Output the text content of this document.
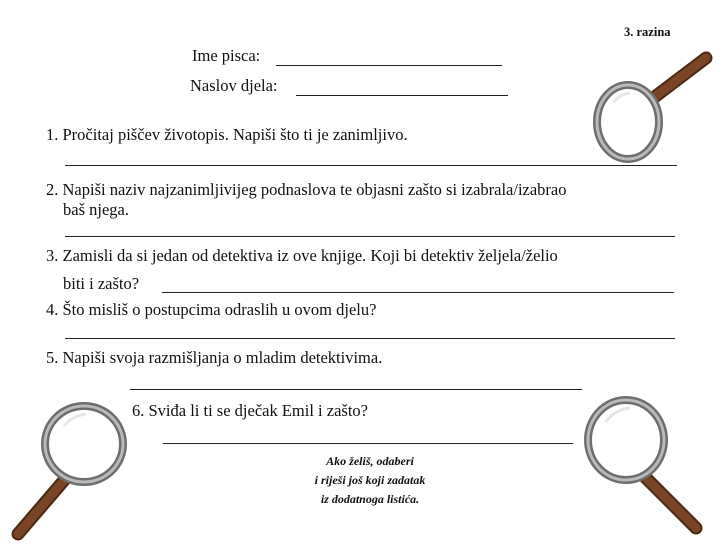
3. razina
Ime pisca:
Naslov djela:
1. Pročitaj piščev životopis. Napiši što ti je zanimljivo.
2. Napiši naziv najzanimljivijeg podnaslova te objasni zašto si izabrala/izabrao
baš njega.
3. Zamisli da si jedan od detektiva iz ove knjige. Koji bi detektiv željela/želio
biti i zašto?
4. Što misliš o postupcima odraslih u ovom djelu?
5. Napiši svoja razmišljanja o mladim detektivima.
6. Sviđa li ti se dječak Emil i zašto?
Ako želiš, odaberi
i riješi još koji zadatak
iz dodatnoga listića.
